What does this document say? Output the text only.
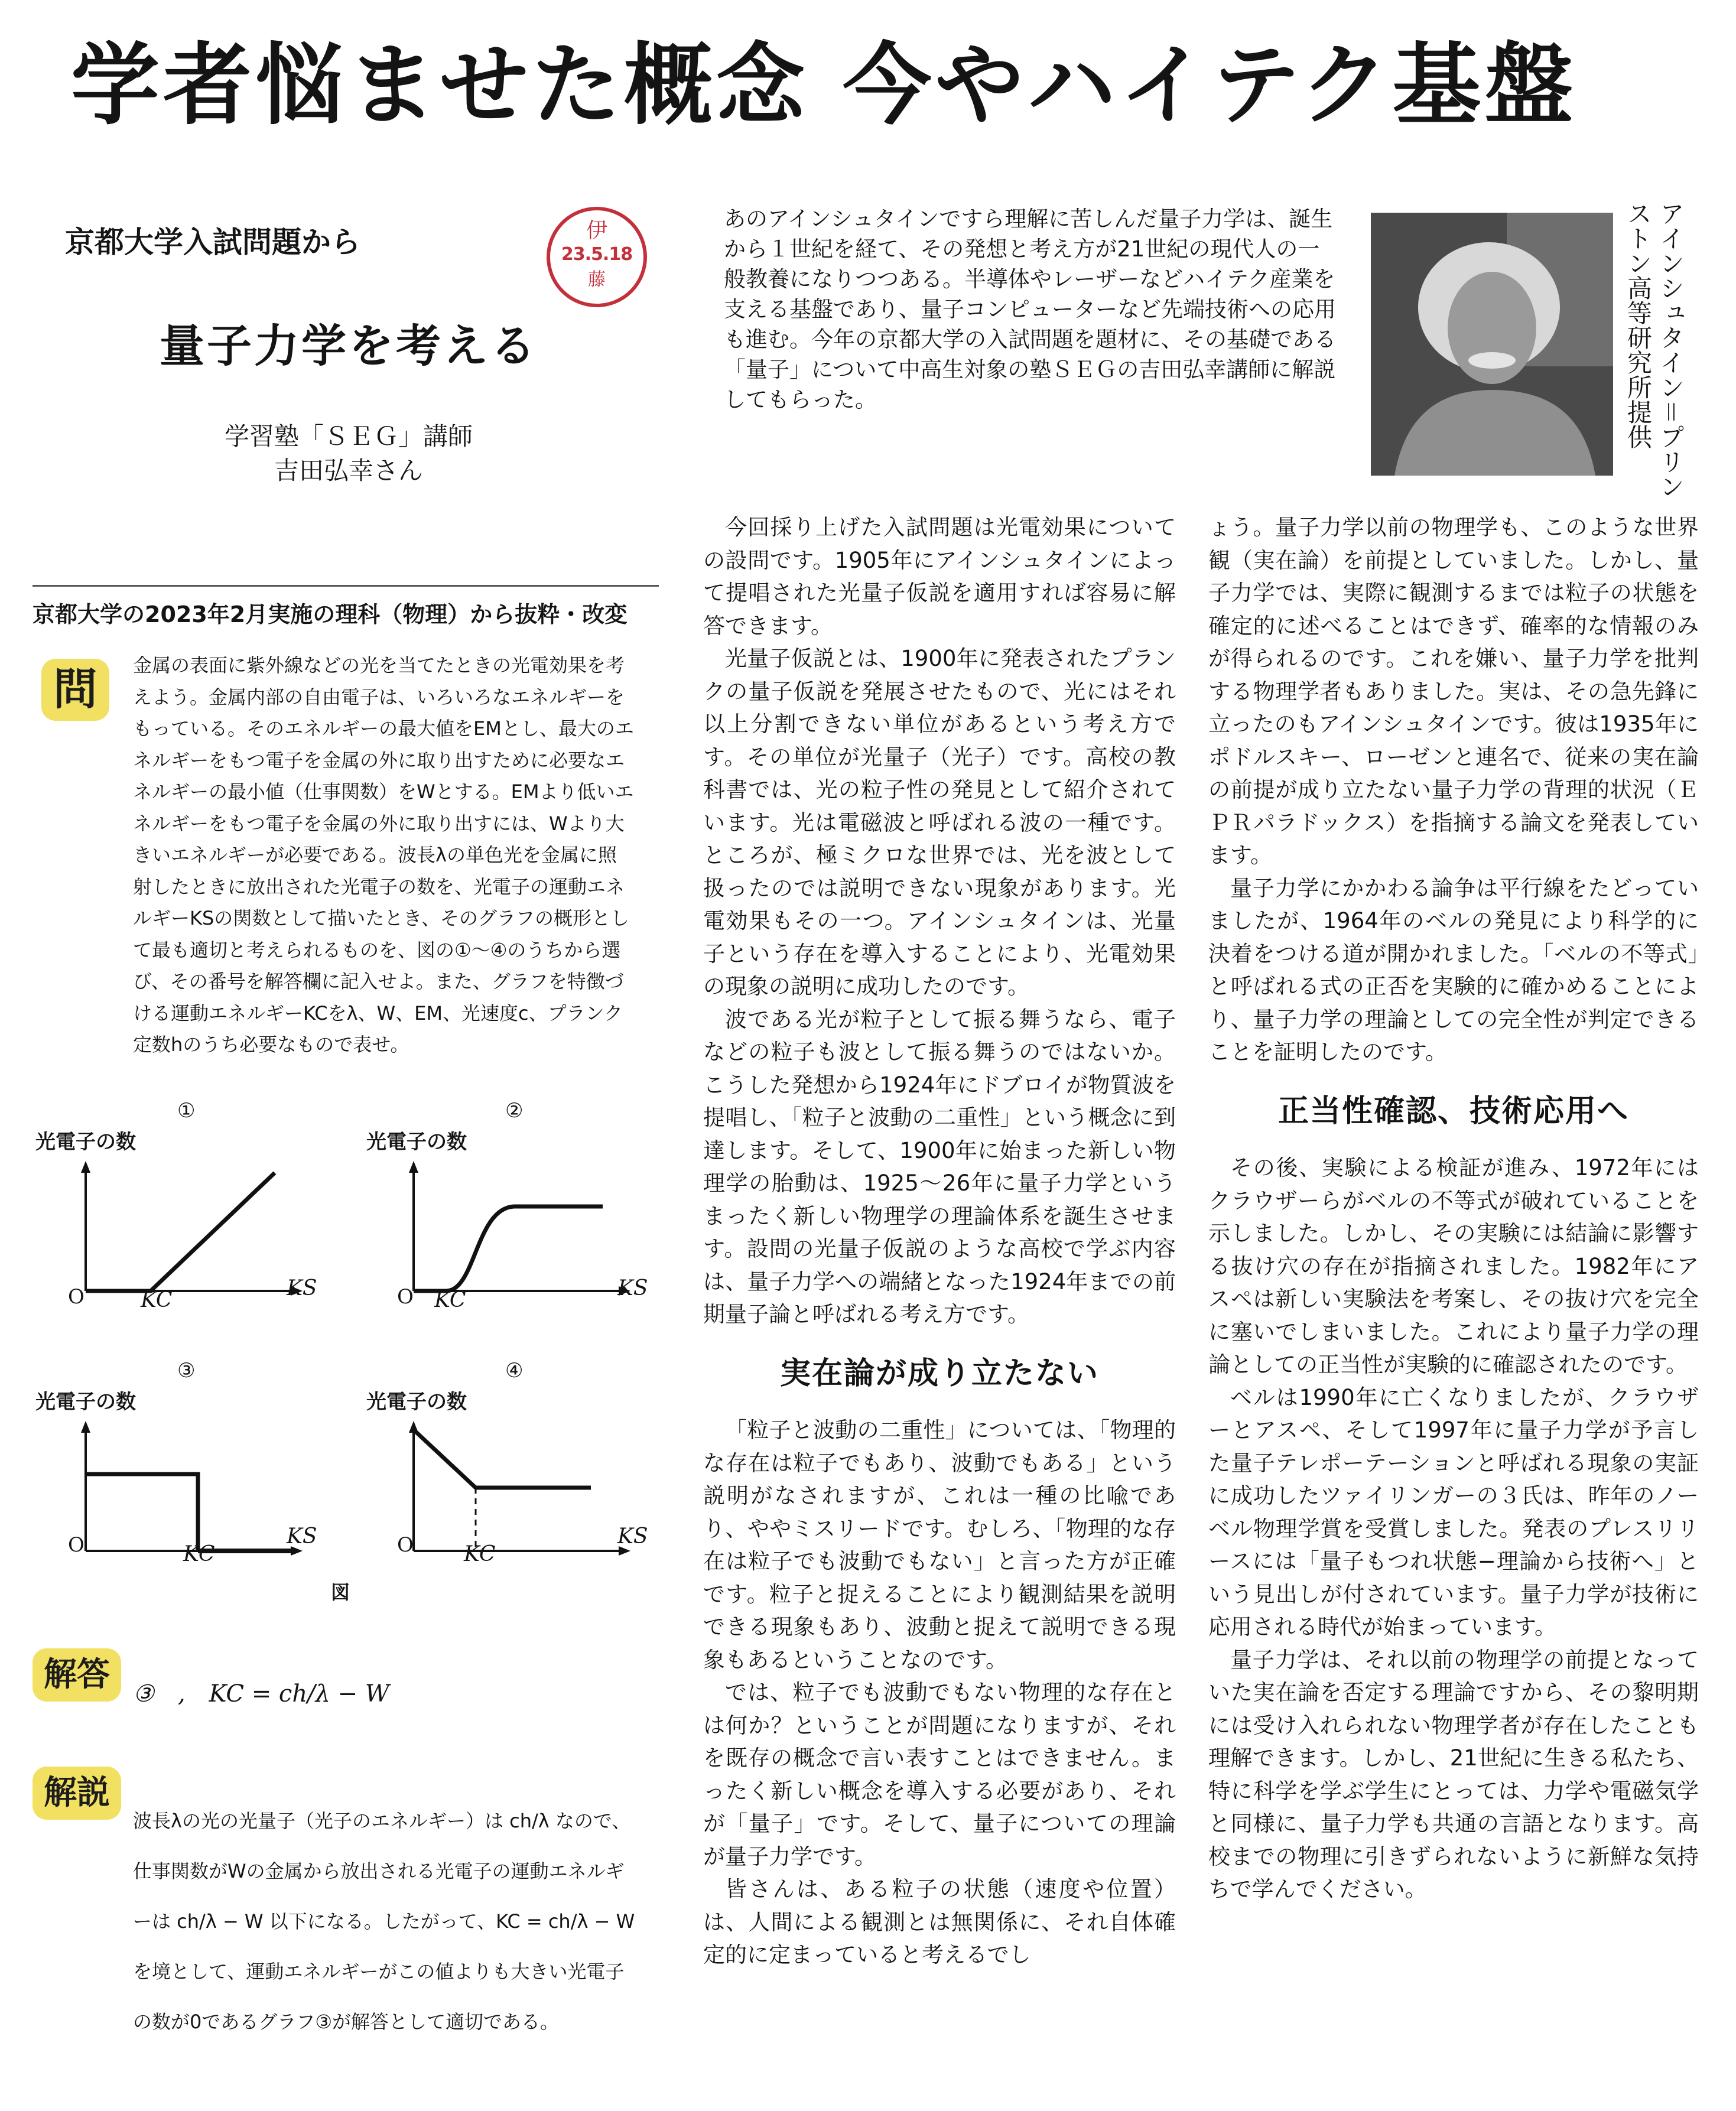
学者悩ませた概念 今やハイテク基盤
京都大学入試問題から	伊
23.5.18
藤
量子力学を考える
学習塾「ＳＥＧ」講師
吉田弘幸さん
京都大学の2023年2月実施の理科（物理）から抜粋・改変
問	金属の表面に紫外線などの光を当てたときの光電効果を考えよう。金属内部の自由電子は、いろいろなエネルギーをもっている。そのエネルギーの最大値をEMとし、最大のエネルギーをもつ電子を金属の外に取り出すために必要なエネルギーの最小値（仕事関数）をWとする。EMより低いエネルギーをもつ電子を金属の外に取り出すには、Wより大きいエネルギーが必要である。波長λの単色光を金属に照射したときに放出された光電子の数を、光電子の運動エネルギーKSの関数として描いたとき、そのグラフの概形として最も適切と考えられるものを、図の①〜④のうちから選び、その番号を解答欄に記入せよ。また、グラフを特徴づける運動エネルギーKCをλ、W、EM、光速度c、プランク定数hのうち必要なもので表せ。
光電子の数
①
O	KC	KS
光電子の数
②
O KC	KS
光電子の数
③
O	KC
KS
光電子の数
④
O KC
KS
図
解答 ③　,　KC = ch/λ − W
解説
波長λの光の光量子（光子のエネルギー）は ch/λ なので、仕事関数がWの金属から放出される光電子の運動エネルギーは ch/λ − W 以下になる。したがって、KC = ch/λ − W を境として、運動エネルギーがこの値よりも大きい光電子の数が0であるグラフ③が解答として適切である。
あのアインシュタインですら理解に苦しんだ量子力学は、誕生から１世紀を経て、その発想と考え方が21世紀の現代人の一般教養になりつつある。半導体やレーザーなどハイテク産業を支える基盤であり、量子コンピューターなど先端技術への応用も進む。今年の京都大学の入試問題を題材に、その基礎である「量子」について中高生対象の塾ＳＥＧの吉田弘幸講師に解説してもらった。	アインシュタイン＝プリンストン高等研究所提供

今回採り上げた入試問題は光電効果についての設問です。1905年にアインシュタインによって提唱された光量子仮説を適用すれば容易に解答できます。

光量子仮説とは、1900年に発表されたプランクの量子仮説を発展させたもので、光にはそれ以上分割できない単位があるという考え方です。その単位が光量子（光子）です。高校の教科書では、光の粒子性の発見として紹介されています。光は電磁波と呼ばれる波の一種です。ところが、極ミクロな世界では、光を波として扱ったのでは説明できない現象があります。光電効果もその一つ。アインシュタインは、光量子という存在を導入することにより、光電効果の現象の説明に成功したのです。

波である光が粒子として振る舞うなら、電子などの粒子も波として振る舞うのではないか。こうした発想から1924年にドブロイが物質波を提唱し、「粒子と波動の二重性」という概念に到達します。そして、1900年に始まった新しい物理学の胎動は、1925〜26年に量子力学というまったく新しい物理学の理論体系を誕生させます。設問の光量子仮説のような高校で学ぶ内容は、量子力学への端緒となった1924年までの前期量子論と呼ばれる考え方です。

実在論が成り立たない

「粒子と波動の二重性」については、「物理的な存在は粒子でもあり、波動でもある」という説明がなされますが、これは一種の比喩であり、ややミスリードです。むしろ、「物理的な存在は粒子でも波動でもない」と言った方が正確です。粒子と捉えることにより観測結果を説明できる現象もあり、波動と捉えて説明できる現象もあるということなのです。

では、粒子でも波動でもない物理的な存在とは何か？ということが問題になりますが、それを既存の概念で言い表すことはできません。まったく新しい概念を導入する必要があり、それが「量子」です。そして、量子についての理論が量子力学です。

皆さんは、ある粒子の状態（速度や位置）は、人間による観測とは無関係に、それ自体確定的に定まっていると考えるでし

ょう。量子力学以前の物理学も、このような世界観（実在論）を前提としていました。しかし、量子力学では、実際に観測するまでは粒子の状態を確定的に述べることはできず、確率的な情報のみが得られるのです。これを嫌い、量子力学を批判する物理学者もありました。実は、その急先鋒に立ったのもアインシュタインです。彼は1935年にポドルスキー、ローゼンと連名で、従来の実在論の前提が成り立たない量子力学の背理的状況（ＥＰＲパラドックス）を指摘する論文を発表しています。

量子力学にかかわる論争は平行線をたどっていましたが、1964年のベルの発見により科学的に決着をつける道が開かれました。「ベルの不等式」と呼ばれる式の正否を実験的に確かめることにより、量子力学の理論としての完全性が判定できることを証明したのです。

正当性確認、技術応用へ

その後、実験による検証が進み、1972年にはクラウザーらがベルの不等式が破れていることを示しました。しかし、その実験には結論に影響する抜け穴の存在が指摘されました。1982年にアスペは新しい実験法を考案し、その抜け穴を完全に塞いでしまいました。これにより量子力学の理論としての正当性が実験的に確認されたのです。

ベルは1990年に亡くなりましたが、クラウザーとアスペ、そして1997年に量子力学が予言した量子テレポーテーションと呼ばれる現象の実証に成功したツァイリンガーの３氏は、昨年のノーベル物理学賞を受賞しました。発表のプレスリリースには「量子もつれ状態−理論から技術へ」という見出しが付されています。量子力学が技術に応用される時代が始まっています。

量子力学は、それ以前の物理学の前提となっていた実在論を否定する理論ですから、その黎明期には受け入れられない物理学者が存在したことも理解できます。しかし、21世紀に生きる私たち、特に科学を学ぶ学生にとっては、力学や電磁気学と同様に、量子力学も共通の言語となります。高校までの物理に引きずられないように新鮮な気持ちで学んでください。
